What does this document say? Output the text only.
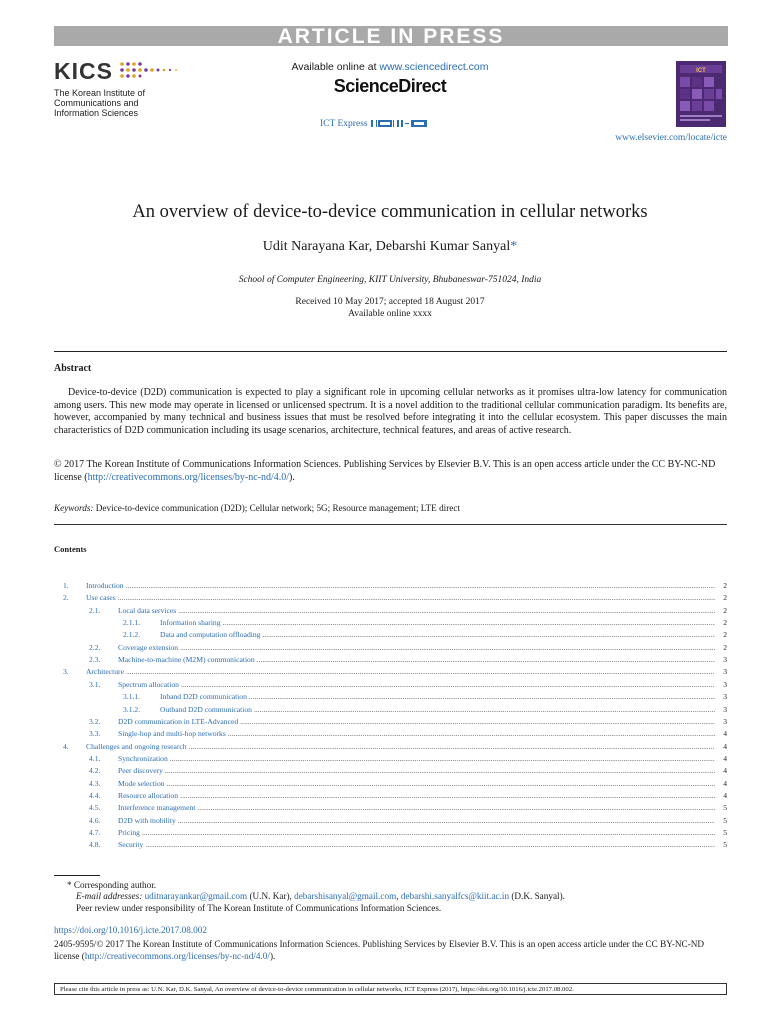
ARTICLE IN PRESS
KICS
The Korean Institute of
Communications and
Information Sciences
Available online at www.sciencedirect.com
ScienceDirect
ICT Express
ICT
www.elsevier.com/locate/icte
An overview of device-to-device communication in cellular networks
Udit Narayana Kar, Debarshi Kumar Sanyal*
School of Computer Engineering, KIIT University, Bhubaneswar-751024, India
Received 10 May 2017; accepted 18 August 2017
Available online xxxx
Abstract

Device-to-device (D2D) communication is expected to play a significant role in upcoming cellular networks as it promises ultra-low latency for communication among users. This new mode may operate in licensed or unlicensed spectrum. It is a novel addition to the traditional cellular communication paradigm. Its benefits are, however, accompanied by many technical and business issues that must be resolved before integrating it into the cellular ecosystem. This paper discusses the main characteristics of D2D communication including its usage scenarios, architecture, technical features, and areas of active research.

© 2017 The Korean Institute of Communications Information Sciences. Publishing Services by Elsevier B.V. This is an open access article under the CC BY-NC-ND license (http://creativecommons.org/licenses/by-nc-nd/4.0/).
Keywords: Device-to-device communication (D2D); Cellular network; 5G; Resource management; LTE direct
Contents
1.	Introduction .....	2
2.	Use cases .....	2
2.1.	Local data services .....	2
2.1.1.	Information sharing .....	2
2.1.2.	Data and computation offloading .....	2
2.2.	Coverage extension .....	2
2.3.	Machine-to-machine (M2M) communication .....	3
3.	Architecture .....	3
3.1.	Spectrum allocation .....	3
3.1.1.	Inband D2D communication .....	3
3.1.2.	Outband D2D communication .....	3
3.2.	D2D communication in LTE-Advanced .....	3
3.3.	Single-hop and multi-hop networks .....	4
4.	Challenges and ongoing research .....	4
4.1.	Synchronization .....	4
4.2.	Peer discovery .....	4
4.3.	Mode selection .....	4
4.4.	Resource allocation .....	4
4.5.	Interference management .....	5
4.6.	D2D with mobility .....	5
4.7.	Pricing .....	5
4.8.	Security .....	5
* Corresponding author.
E-mail addresses: uditnarayankar@gmail.com (U.N. Kar), debarshisanyal@gmail.com, debarshi.sanyalfcs@kiit.ac.in (D.K. Sanyal).
Peer review under responsibility of The Korean Institute of Communications Information Sciences.
https://doi.org/10.1016/j.icte.2017.08.002
2405-9595/© 2017 The Korean Institute of Communications Information Sciences. Publishing Services by Elsevier B.V. This is an open access article under the CC BY-NC-ND license (http://creativecommons.org/licenses/by-nc-nd/4.0/).
Please cite this article in press as: U.N. Kar, D.K. Sanyal, An overview of device-to-device communication in cellular networks, ICT Express (2017), https://doi.org/10.1016/j.icte.2017.08.002.
